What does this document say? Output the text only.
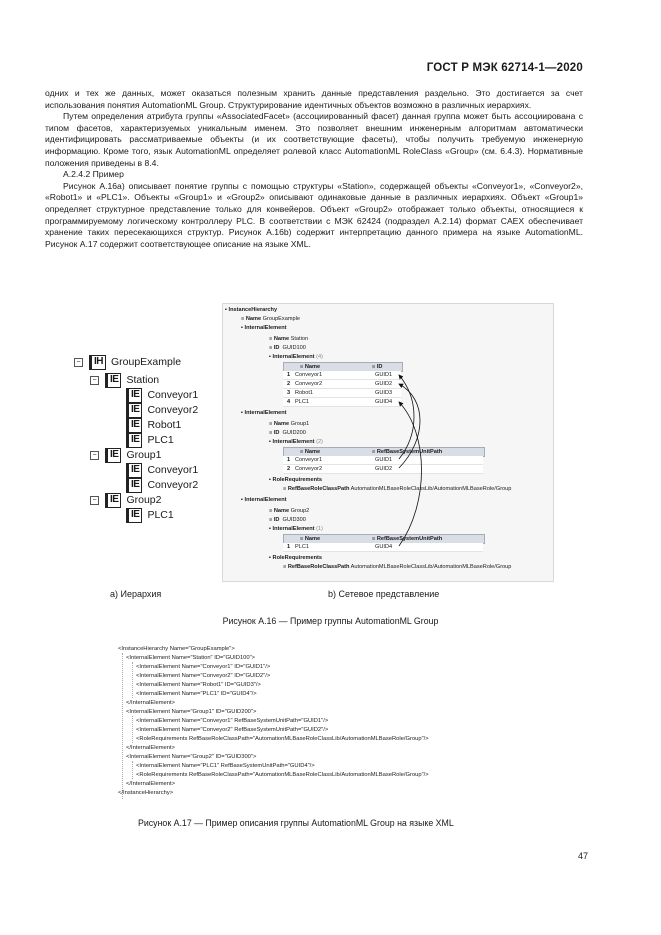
ГОСТ Р МЭК 62714-1—2020

одних и тех же данных, может оказаться полезным хранить данные представления раздельно. Это достигается за счет использования понятия AutomationML Group. Структурирование идентичных объектов возможно в различных иерархиях.

Путем определения атрибута группы «AssociatedFacet» (ассоциированный фасет) данная группа может быть ассоциирована с типом фасетов, характеризуемых уникальным именем. Это позволяет внешним инженерным алгоритмам автоматически идентифицировать рассматриваемые объекты (и их соответствующие фасеты), чтобы получить требуемую инженерную информацию. Кроме того, язык AutomationML определяет ролевой класс AutomationML RoleClass «Group» (см. 6.4.3). Нормативные положения приведены в 8.4.

A.2.4.2 Пример

Рисунок A.16a) описывает понятие группы с помощью структуры «Station», содержащей объекты «Conveyor1», «Conveyor2», «Robot1» и «PLC1». Объекты «Group1» и «Group2» описывают одинаковые данные в различных иерархиях. Объект «Group1» определяет структурное представление только для конвейеров. Объект «Group2» отображает только объекты, относящиеся к программируемому логическому контроллеру PLC. В соответствии с МЭК 62424 (подраздел A.2.14) формат CAEX обеспечивает хранение таких пересекающихся структур. Рисунок A.16b) содержит интерпретацию данного примера на языке AutomationML. Рисунок A.17 содержит соответствующее описание на языке XML.

−	IH GroupExample
−	IE Station
IE Conveyor1
IE Conveyor2
IE Robot1
IE PLC1
−	IE Group1
IE Conveyor1
IE Conveyor2
−	IE Group2
IE PLC1
▪ InstanceHierarchy
≡ Name GroupExample
▪ InternalElement
≡ Name Station
≡ ID GUID100
▪ InternalElement (4)
≡ Name	≡ ID
1 Conveyor1	GUID1
2 Conveyor2	GUID2
3 Robot1	GUID3
4 PLC1	GUID4
▪ InternalElement
≡ Name Group1
≡ ID GUID200
▪ InternalElement (2)
≡ Name	≡ RefBaseSystemUnitPath
1 Conveyor1	GUID1
2 Conveyor2	GUID2
▪ RoleRequirements
≡ RefBaseRoleClassPath AutomationMLBaseRoleClassLib/AutomationMLBaseRole/Group
▪ InternalElement
≡ Name Group2
≡ ID GUID300
▪ InternalElement (1)
≡ Name	≡ RefBaseSystemUnitPath
1 PLC1	GUID4
▪ RoleRequirements
≡ RefBaseRoleClassPath AutomationMLBaseRoleClassLib/AutomationMLBaseRole/Group
а) Иерархия	b) Сетевое представление
Рисунок A.16 — Пример группы AutomationML Group
<InstanceHierarchy Name="GroupExample">
<InternalElement Name="Station" ID="GUID100">
<InternalElement Name="Conveyor1" ID="GUID1"/>
<InternalElement Name="Conveyor2" ID="GUID2"/>
<InternalElement Name="Robot1" ID="GUID3"/>
<InternalElement Name="PLC1" ID="GUID4"/>
</InternalElement>
<InternalElement Name="Group1" ID="GUID200">
<InternalElement Name="Conveyor1" RefBaseSystemUnitPath="GUID1"/>
<InternalElement Name="Conveyor2" RefBaseSystemUnitPath="GUID2"/>
<RoleRequirements RefBaseRoleClassPath="AutomationMLBaseRoleClassLib/AutomationMLBaseRole/Group"/>
</InternalElement>
<InternalElement Name="Group2" ID="GUID300">
<InternalElement Name="PLC1" RefBaseSystemUnitPath="GUID4"/>
<RoleRequirements RefBaseRoleClassPath="AutomationMLBaseRoleClassLib/AutomationMLBaseRole/Group"/>
</InternalElement>
</InstanceHierarchy>
Рисунок A.17 — Пример описания группы AutomationML Group на языке XML
47
